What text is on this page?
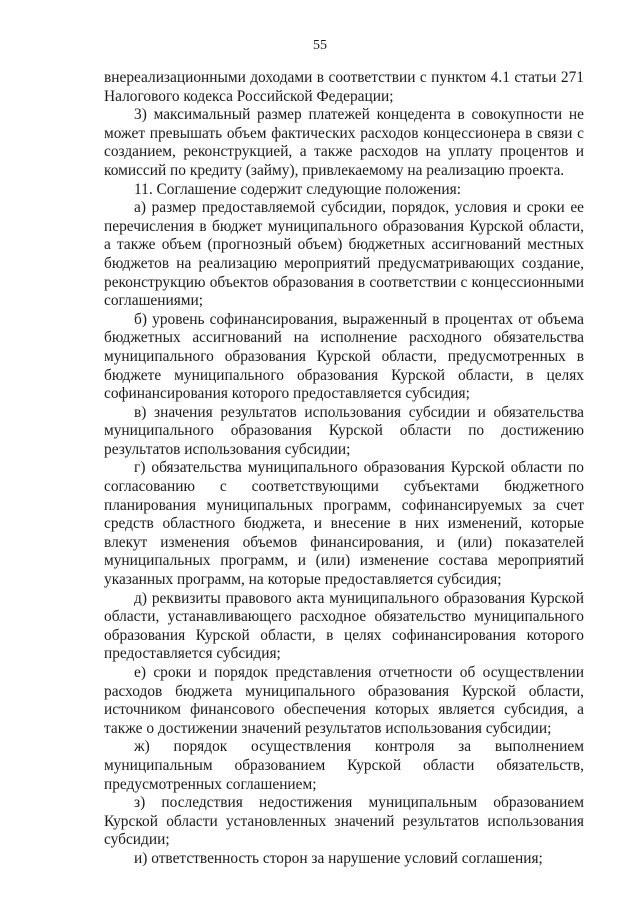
55

внереализационными доходами в соответствии с пунктом 4.1 статьи 271 Налогового кодекса Российской Федерации;

3) максимальный размер платежей концедента в совокупности не может превышать объем фактических расходов концессионера в связи с созданием, реконструкцией, а также расходов на уплату процентов и комиссий по кредиту (займу), привлекаемому на реализацию проекта.

11. Соглашение содержит следующие положения:

а) размер предоставляемой субсидии, порядок, условия и сроки ее перечисления в бюджет муниципального образования Курской области, а также объем (прогнозный объем) бюджетных ассигнований местных бюджетов на реализацию мероприятий предусматривающих создание, реконструкцию объектов образования в соответствии с концессионными соглашениями;

б) уровень софинансирования, выраженный в процентах от объема бюджетных ассигнований на исполнение расходного обязательства муниципального образования Курской области, предусмотренных в бюджете муниципального образования Курской области, в целях софинансирования которого предоставляется субсидия;

в) значения результатов использования субсидии и обязательства муниципального образования Курской области по достижению результатов использования субсидии;

г) обязательства муниципального образования Курской области по согласованию с соответствующими субъектами бюджетного планирования муниципальных программ, софинансируемых за счет средств областного бюджета, и внесение в них изменений, которые влекут изменения объемов финансирования, и (или) показателей муниципальных программ, и (или) изменение состава мероприятий указанных программ, на которые предоставляется субсидия;

д) реквизиты правового акта муниципального образования Курской области, устанавливающего расходное обязательство муниципального образования Курской области, в целях софинансирования которого предоставляется субсидия;

е) сроки и порядок представления отчетности об осуществлении расходов бюджета муниципального образования Курской области, источником финансового обеспечения которых является субсидия, а также о достижении значений результатов использования субсидии;

ж) порядок осуществления контроля за выполнением муниципальным образованием Курской области обязательств, предусмотренных соглашением;

з) последствия недостижения муниципальным образованием Курской области установленных значений результатов использования субсидии;

и) ответственность сторон за нарушение условий соглашения;
